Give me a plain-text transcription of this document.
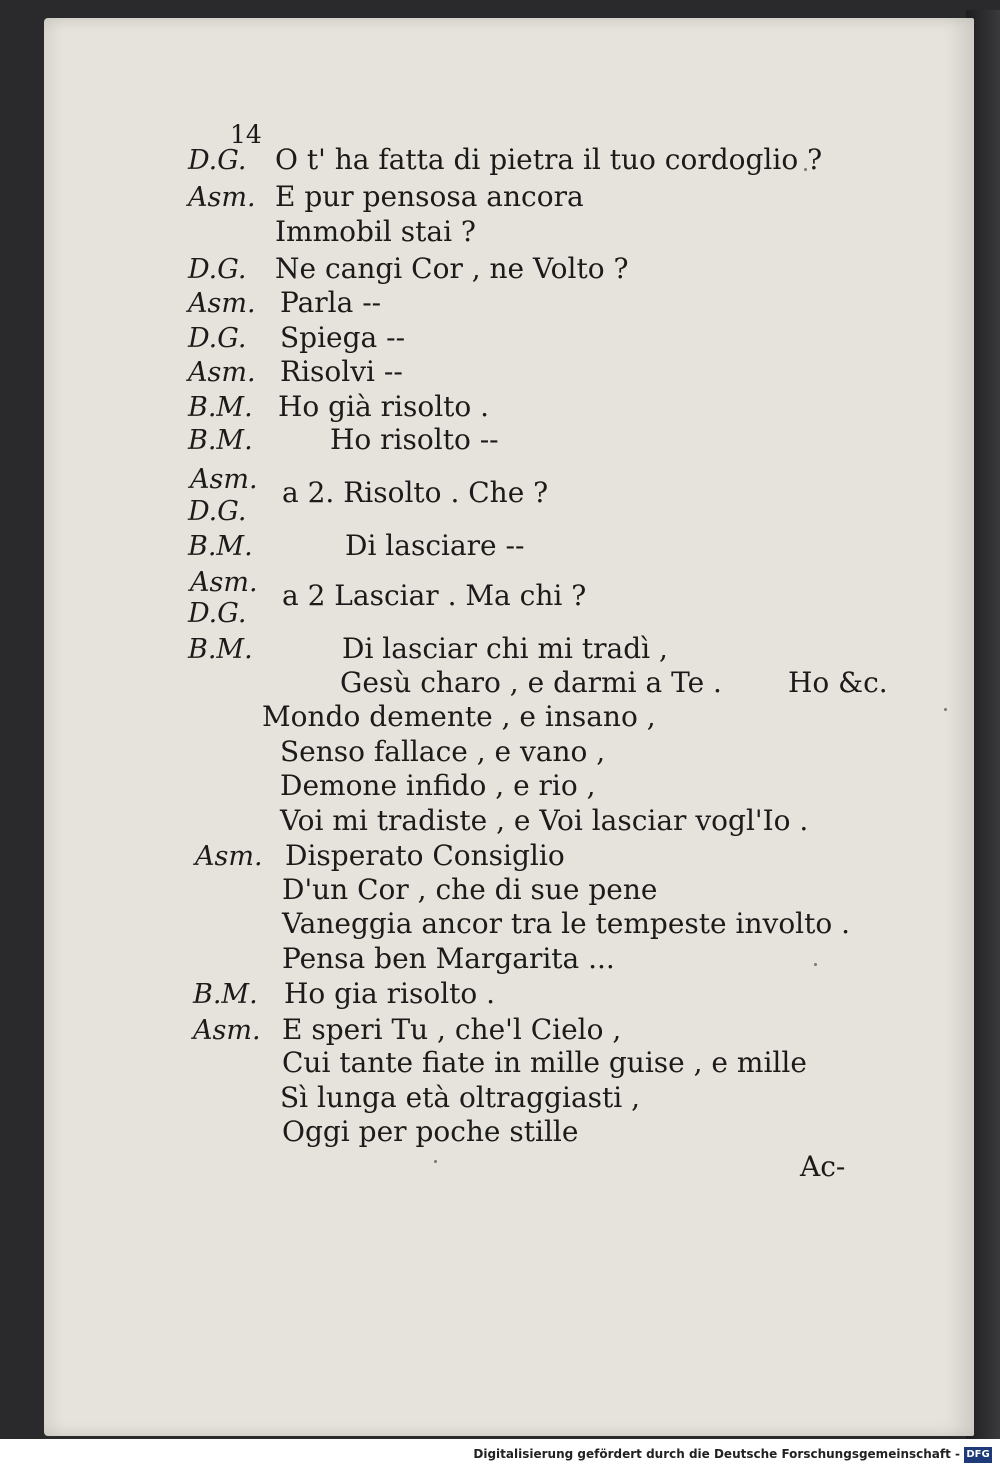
14
D.G. O t' ha fatta di pietra il tuo cordoglio ?
Asm. E pur pensosa ancora
Immobil stai ?
D.G. Ne cangi Cor , ne Volto ?
Asm. Parla --
D.G. Spiega --
Asm. Risolvi --
B.M. Ho già risolto .
B.M.	Ho risolto --
Asm.
D.G.
a 2. Risolto . Che ?
B.M.	Di lasciare --
Asm.
D.G.
a 2 Lasciar . Ma chi ?
B.M.	Di lasciar chi mi tradì ,
Gesù charo , e darmi a Te . Ho &c.
Mondo demente , e insano ,
Senso fallace , e vano ,
Demone infido , e rio ,
Voi mi tradiste , e Voi lasciar vogl'Io .
Asm. Disperato Consiglio
D'un Cor , che di sue pene
Vaneggia ancor tra le tempeste involto .
Pensa ben Margarita ...
B.M. Ho gia risolto .
Asm. E speri Tu , che'l Cielo ,
Cui tante fiate in mille guise , e mille
Sì lunga età oltraggiasti ,
Oggi per poche stille
Ac-
Digitalisierung gefördert durch die Deutsche Forschungsgemeinschaft - DFG
